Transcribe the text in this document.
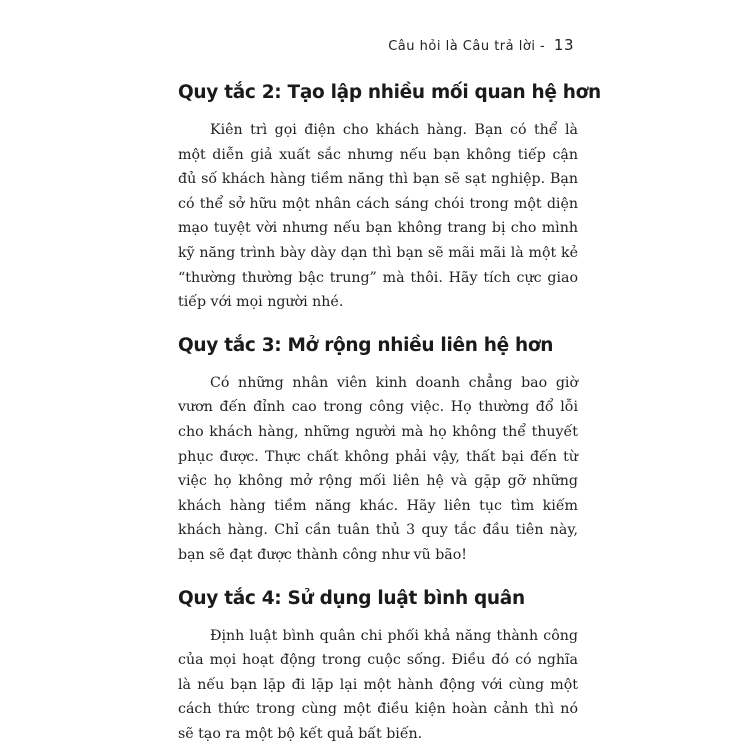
Câu hỏi là Câu trả lời - 13
Quy tắc 2: Tạo lập nhiều mối quan hệ hơn

Kiên trì gọi điện cho khách hàng. Bạn có thể là một diễn giả xuất sắc nhưng nếu bạn không tiếp cận đủ số khách hàng tiềm năng thì bạn sẽ sạt nghiệp. Bạn có thể sở hữu một nhân cách sáng chói trong một diện mạo tuyệt vời nhưng nếu bạn không trang bị cho mình kỹ năng trình bày dày dạn thì bạn sẽ mãi mãi là một kẻ “thường thường bậc trung” mà thôi. Hãy tích cực giao tiếp với mọi người nhé.

Quy tắc 3: Mở rộng nhiều liên hệ hơn

Có những nhân viên kinh doanh chẳng bao giờ vươn đến đỉnh cao trong công việc. Họ thường đổ lỗi cho khách hàng, những người mà họ không thể thuyết phục được. Thực chất không phải vậy, thất bại đến từ việc họ không mở rộng mối liên hệ và gặp gỡ những khách hàng tiềm năng khác. Hãy liên tục tìm kiếm khách hàng. Chỉ cần tuân thủ 3 quy tắc đầu tiên này, bạn sẽ đạt được thành công như vũ bão!

Quy tắc 4: Sử dụng luật bình quân

Định luật bình quân chi phối khả năng thành công của mọi hoạt động trong cuộc sống. Điều đó có nghĩa là nếu bạn lặp đi lặp lại một hành động với cùng một cách thức trong cùng một điều kiện hoàn cảnh thì nó sẽ tạo ra một bộ kết quả bất biến.
